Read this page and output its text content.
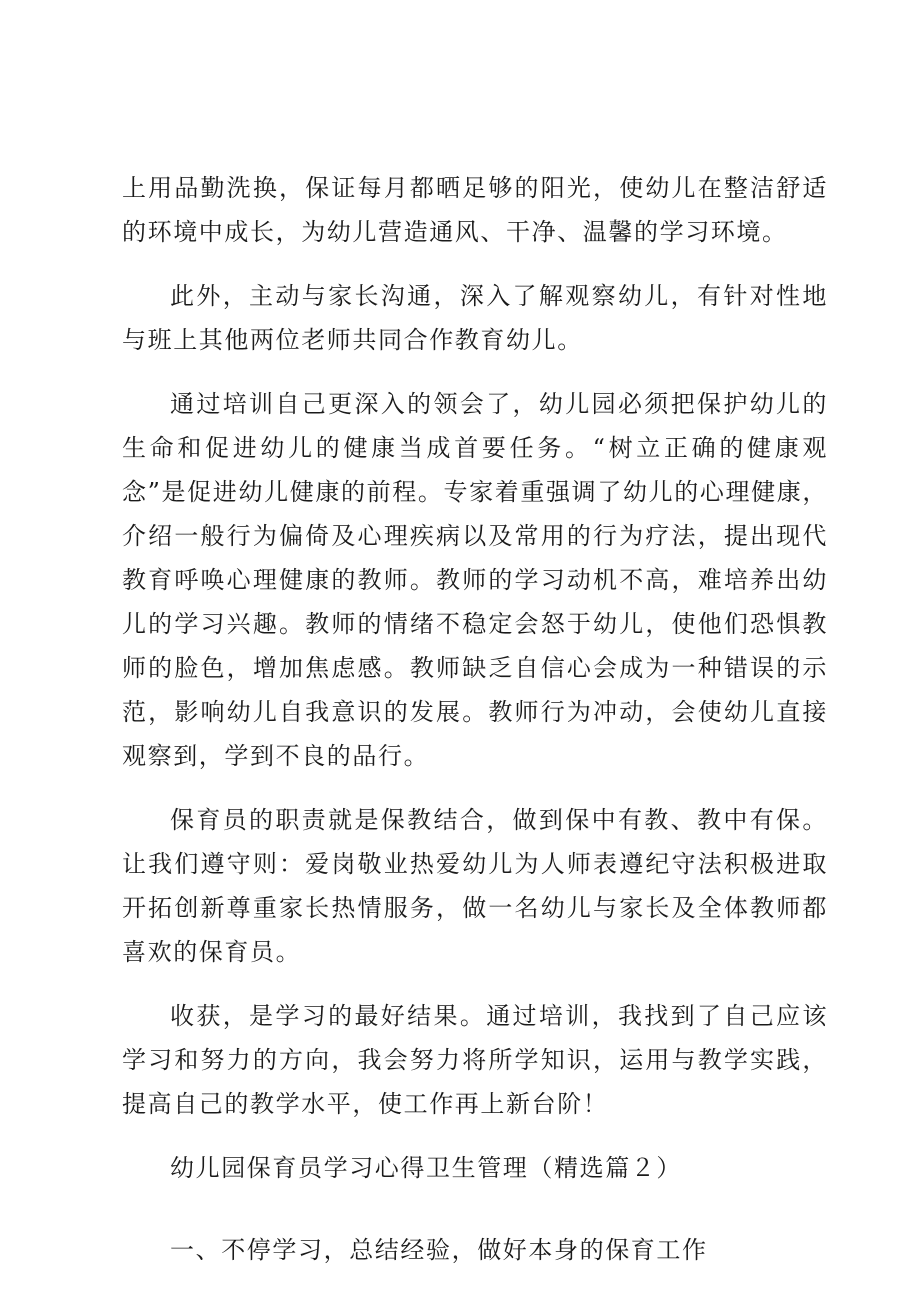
上用品勤洗换，保证每月都晒足够的阳光，使幼儿在整洁舒适的环境中成长，为幼儿营造通风、干净、温馨的学习环境。

此外，主动与家长沟通，深入了解观察幼儿，有针对性地与班上其他两位老师共同合作教育幼儿。

通过培训自己更深入的领会了，幼儿园必须把保护幼儿的生命和促进幼儿的健康当成首要任务。“树立正确的健康观念”是促进幼儿健康的前程。专家着重强调了幼儿的心理健康，介绍一般行为偏倚及心理疾病以及常用的行为疗法，提出现代教育呼唤心理健康的教师。教师的学习动机不高，难培养出幼儿的学习兴趣。教师的情绪不稳定会怒于幼儿，使他们恐惧教师的脸色，增加焦虑感。教师缺乏自信心会成为一种错误的示范，影响幼儿自我意识的发展。教师行为冲动，会使幼儿直接观察到，学到不良的品行。

保育员的职责就是保教结合，做到保中有教、教中有保。让我们遵守则：爱岗敬业热爱幼儿为人师表遵纪守法积极进取开拓创新尊重家长热情服务，做一名幼儿与家长及全体教师都喜欢的保育员。

收获，是学习的最好结果。通过培训，我找到了自己应该学习和努力的方向，我会努力将所学知识，运用与教学实践，提高自己的教学水平，使工作再上新台阶！

幼儿园保育员学习心得卫生管理（精选篇２）

一、不停学习，总结经验，做好本身的保育工作
